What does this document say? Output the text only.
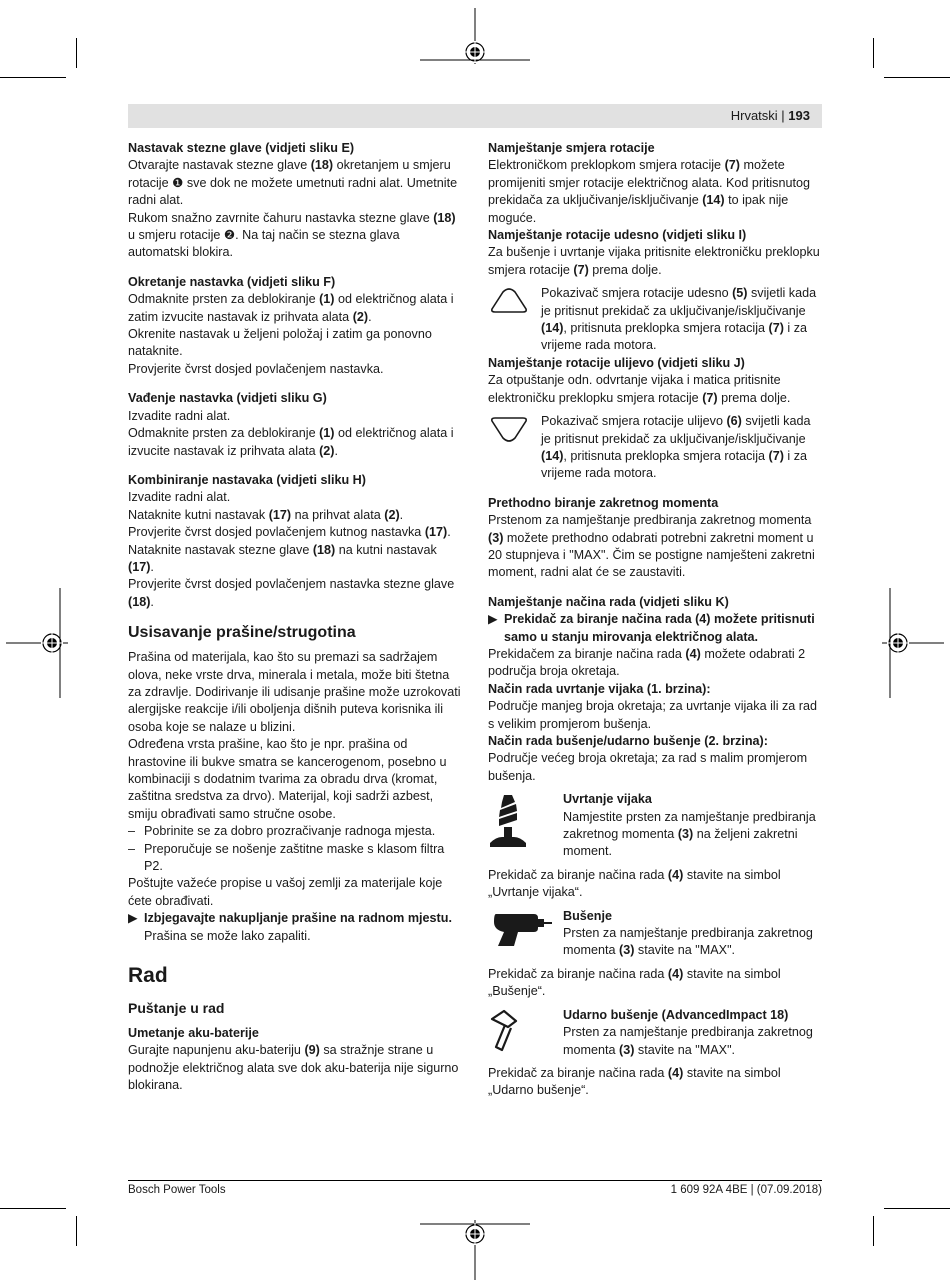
Hrvatski | 193

Nastavak stezne glave (vidjeti sliku E)

Otvarajte nastavak stezne glave (18) okretanjem u smjeru rotacije ❶ sve dok ne možete umetnuti radni alat. Umetnite radni alat.

Rukom snažno zavrnite čahuru nastavka stezne glave (18) u smjeru rotacije ❷. Na taj način se stezna glava automatski blokira.

Okretanje nastavka (vidjeti sliku F)

Odmaknite prsten za deblokiranje (1) od električnog alata i zatim izvucite nastavak iz prihvata alata (2).

Okrenite nastavak u željeni položaj i zatim ga ponovno nataknite.

Provjerite čvrst dosjed povlačenjem nastavka.

Vađenje nastavka (vidjeti sliku G)

Izvadite radni alat.

Odmaknite prsten za deblokiranje (1) od električnog alata i izvucite nastavak iz prihvata alata (2).

Kombiniranje nastavaka (vidjeti sliku H)

Izvadite radni alat.

Nataknite kutni nastavak (17) na prihvat alata (2).

Provjerite čvrst dosjed povlačenjem kutnog nastavka (17).

Nataknite nastavak stezne glave (18) na kutni nastavak (17).

Provjerite čvrst dosjed povlačenjem nastavka stezne glave (18).

Usisavanje prašine/strugotina

Prašina od materijala, kao što su premazi sa sadržajem olova, neke vrste drva, minerala i metala, može biti štetna za zdravlje. Dodirivanje ili udisanje prašine može uzrokovati alergijske reakcije i/ili oboljenja dišnih puteva korisnika ili osoba koje se nalaze u blizini.

Određena vrsta prašine, kao što je npr. prašina od hrastovine ili bukve smatra se kancerogenom, posebno u kombinaciji s dodatnim tvarima za obradu drva (kromat, zaštitna sredstva za drvo). Materijal, koji sadrži azbest, smiju obrađivati samo stručne osobe.

– Pobrinite se za dobro prozračivanje radnoga mjesta.

– Preporučuje se nošenje zaštitne maske s klasom filtra P2.

Poštujte važeće propise u vašoj zemlji za materijale koje ćete obrađivati.

▶ Izbjegavajte nakupljanje prašine na radnom mjestu.
Prašina se može lako zapaliti.

Rad

Puštanje u rad

Umetanje aku-baterije

Gurajte napunjenu aku-bateriju (9) sa stražnje strane u podnožje električnog alata sve dok aku-baterija nije sigurno blokirana.

Namještanje smjera rotacije

Elektroničkom preklopkom smjera rotacije (7) možete promijeniti smjer rotacije električnog alata. Kod pritisnutog prekidača za uključivanje/isključivanje (14) to ipak nije moguće.

Namještanje rotacije udesno (vidjeti sliku I)

Za bušenje i uvrtanje vijaka pritisnite elektroničku preklopku smjera rotacije (7) prema dolje.

Pokazivač smjera rotacije udesno (5) svijetli kada je pritisnut prekidač za uključivanje/isključivanje (14), pritisnuta preklopka smjera rotacija (7) i za vrijeme rada motora.

Namještanje rotacije ulijevo (vidjeti sliku J)

Za otpuštanje odn. odvrtanje vijaka i matica pritisnite elektroničku preklopku smjera rotacije (7) prema dolje.

Pokazivač smjera rotacije ulijevo (6) svijetli kada je pritisnut prekidač za uključivanje/isključivanje (14), pritisnuta preklopka smjera rotacija (7) i za vrijeme rada motora.

Prethodno biranje zakretnog momenta

Prstenom za namještanje predbiranja zakretnog momenta (3) možete prethodno odabrati potrebni zakretni moment u 20 stupnjeva i "MAX". Čim se postigne namješteni zakretni moment, radni alat će se zaustaviti.

Namještanje načina rada (vidjeti sliku K)

▶ Prekidač za biranje načina rada (4) možete pritisnuti samo u stanju mirovanja električnog alata.

Prekidačem za biranje načina rada (4) možete odabrati 2 područja broja okretaja.

Način rada uvrtanje vijaka (1. brzina):

Područje manjeg broja okretaja; za uvrtanje vijaka ili za rad s velikim promjerom bušenja.

Način rada bušenje/udarno bušenje (2. brzina):

Područje većeg broja okretaja; za rad s malim promjerom bušenja.

Uvrtanje vijaka

Namjestite prsten za namještanje predbiranja zakretnog momenta (3) na željeni zakretni moment.

Prekidač za biranje načina rada (4) stavite na simbol „Uvrtanje vijaka“.

Bušenje

Prsten za namještanje predbiranja zakretnog momenta (3) stavite na "MAX".

Prekidač za biranje načina rada (4) stavite na simbol „Bušenje“.

Udarno bušenje (AdvancedImpact 18)

Prsten za namještanje predbiranja zakretnog momenta (3) stavite na "MAX".

Prekidač za biranje načina rada (4) stavite na simbol „Udarno bušenje“.

Bosch Power Tools	1 609 92A 4BE | (07.09.2018)
